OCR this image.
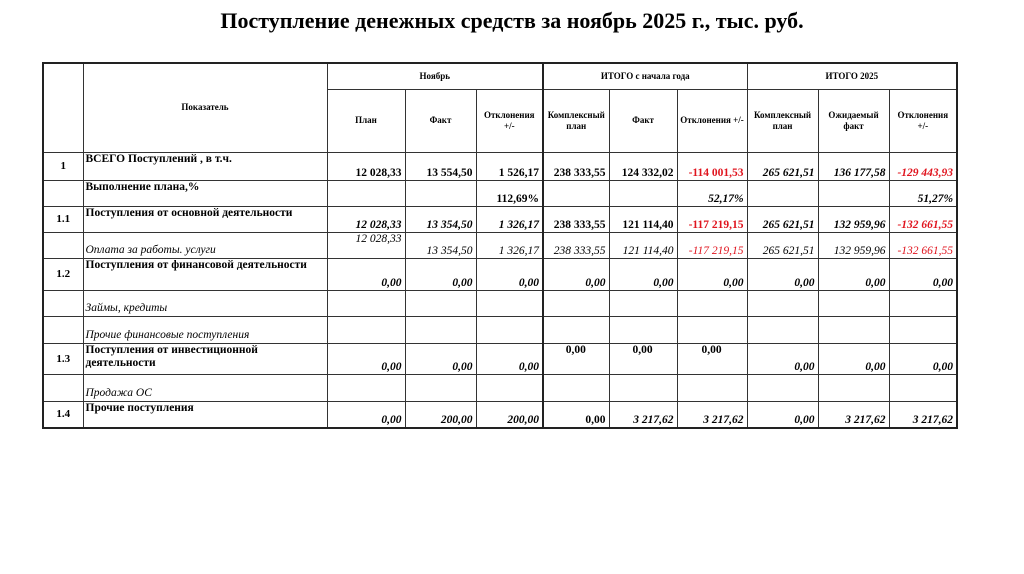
Поступление денежных средств за ноябрь 2025 г., тыс. руб.
	Показатель	Ноябрь			ИТОГО с начала года			ИТОГО 2025		
		План	Факт	Отклонения +/-	Комплексный план	Факт	Отклонения +/-	Комплексный план	Ожидаемый факт	Отклонения +/-
1	ВСЕГО Поступлений , в т.ч.	12 028,33	13 554,50	1 526,17	238 333,55	124 332,02	-114 001,53	265 621,51	136 177,58	-129 443,93
	Выполнение плана,%			112,69%			52,17%			51,27%
1.1	Поступления от основной деятельности	12 028,33	13 354,50	1 326,17	238 333,55	121 114,40	-117 219,15	265 621,51	132 959,96	-132 661,55
	Оплата за работы. услуги	12 028,33	13 354,50	1 326,17	238 333,55	121 114,40	-117 219,15	265 621,51	132 959,96	-132 661,55
1.2	Поступления от финансовой деятельности	0,00	0,00	0,00	0,00	0,00	0,00	0,00	0,00	0,00
	Займы, кредиты									
	Прочие финансовые поступления									
1.3	Поступления от инвестиционной деятельности	0,00	0,00	0,00	0,00	0,00	0,00	0,00	0,00	0,00
	Продажа ОС									
1.4	Прочие поступления	0,00	200,00	200,00	0,00	3 217,62	3 217,62	0,00	3 217,62	3 217,62
